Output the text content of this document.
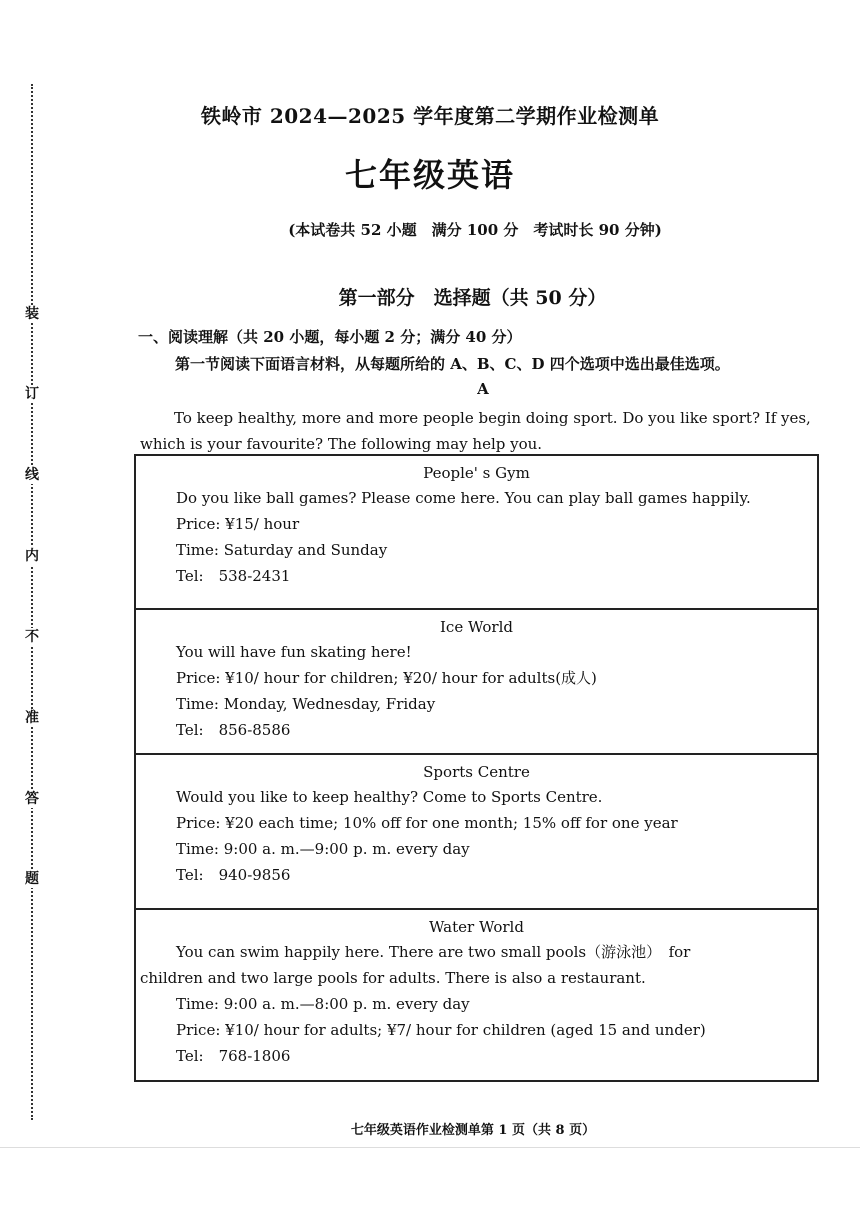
装
订
线
内
不
准
答
题
铁岭市 2024—2025 学年度第二学期作业检测单
七年级英语
(本试卷共 52 小题　满分 100 分　考试时长 90 分钟)
第一部分　选择题（共 50 分）
一、阅读理解（共 20 小题，每小题 2 分；满分 40 分）
第一节阅读下面语言材料，从每题所给的 A、B、C、D 四个选项中选出最佳选项。
A
To keep healthy, more and more people begin doing sport. Do you like sport? If yes, which is your favourite? The following may help you.
People' s Gym
Do you like ball games? Please come here. You can play ball games happily.
Price: ¥15/ hour
Time: Saturday and Sunday
Tel:　538-2431
Ice World
You will have fun skating here!
Price: ¥10/ hour for children; ¥20/ hour for adults(成人)
Time: Monday, Wednesday, Friday
Tel:　856-8586
Sports Centre
Would you like to keep healthy? Come to Sports Centre.
Price: ¥20 each time; 10% off for one month; 15% off for one year
Time: 9:00 a. m.—9:00 p. m. every day
Tel:　940-9856
Water World
You can swim happily here. There are two small pools（游泳池）　for
children and two large pools for adults. There is also a restaurant.
Time: 9:00 a. m.—8:00 p. m. every day
Price: ¥10/ hour for adults; ¥7/ hour for children (aged 15 and under)
Tel:　768-1806
七年级英语作业检测单第 1 页（共 8 页）
